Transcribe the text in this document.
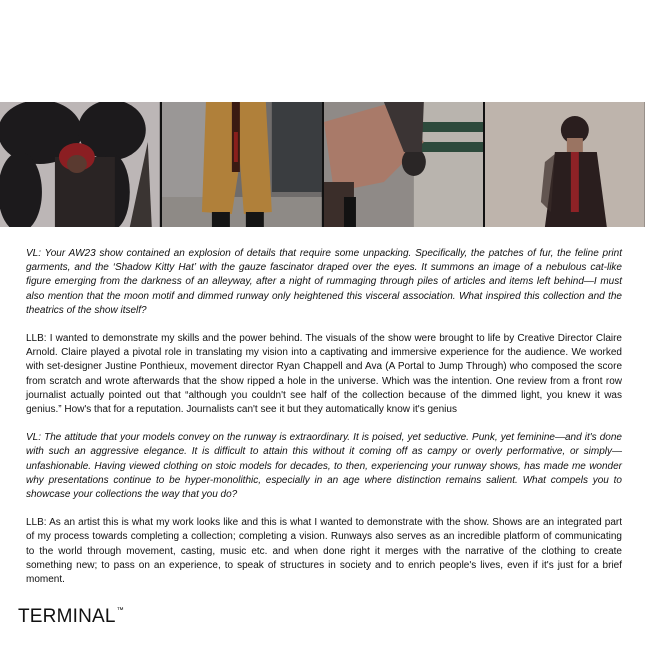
VL: Your AW23 show contained an explosion of details that require some unpacking. Specifically, the patches of fur, the feline print garments, and the ‘Shadow Kitty Hat’ with the gauze fascinator draped over the eyes. It summons an image of a nebulous cat-like figure emerging from the darkness of an alleyway, after a night of rummaging through piles of articles and items left behind—I must also mention that the moon motif and dimmed runway only heightened this visceral association. What inspired this collection and the theatrics of the show itself?

LLB: I wanted to demonstrate my skills and the power behind. The visuals of the show were brought to life by Creative Director Claire Arnold. Claire played a pivotal role in translating my vision into a captivating and immersive experience for the audience. We worked with set-designer Justine Ponthieux, movement director Ryan Chappell and Ava (A Portal to Jump Through) who composed the score from scratch and wrote afterwards that the show ripped a hole in the universe. Which was the intention. One review from a front row journalist actually pointed out that “although you couldn't see half of the collection because of the dimmed light, you knew it was genius.” How's that for a reputation. Journalists can't see it but they automatically know it's genius

VL: The attitude that your models convey on the runway is extraordinary. It is poised, yet seductive. Punk, yet feminine—and it's done with such an aggressive elegance. It is difficult to attain this without it coming off as campy or overly performative, or simply—unfashionable. Having viewed clothing on stoic models for decades, to then, experiencing your runway shows, has made me wonder why presentations continue to be hyper-monolithic, especially in an age where distinction remains salient. What compels you to showcase your collections the way that you do?

LLB: As an artist this is what my work looks like and this is what I wanted to demonstrate with the show. Shows are an integrated part of my process towards completing a collection; completing a vision. Runways also serves as an incredible platform of communicating to the world through movement, casting, music etc. and when done right it merges with the narrative of the clothing to create something new; to pass on an experience, to speak of structures in society and to enrich people's lives, even if it's just for a brief moment.

TERMINAL™
